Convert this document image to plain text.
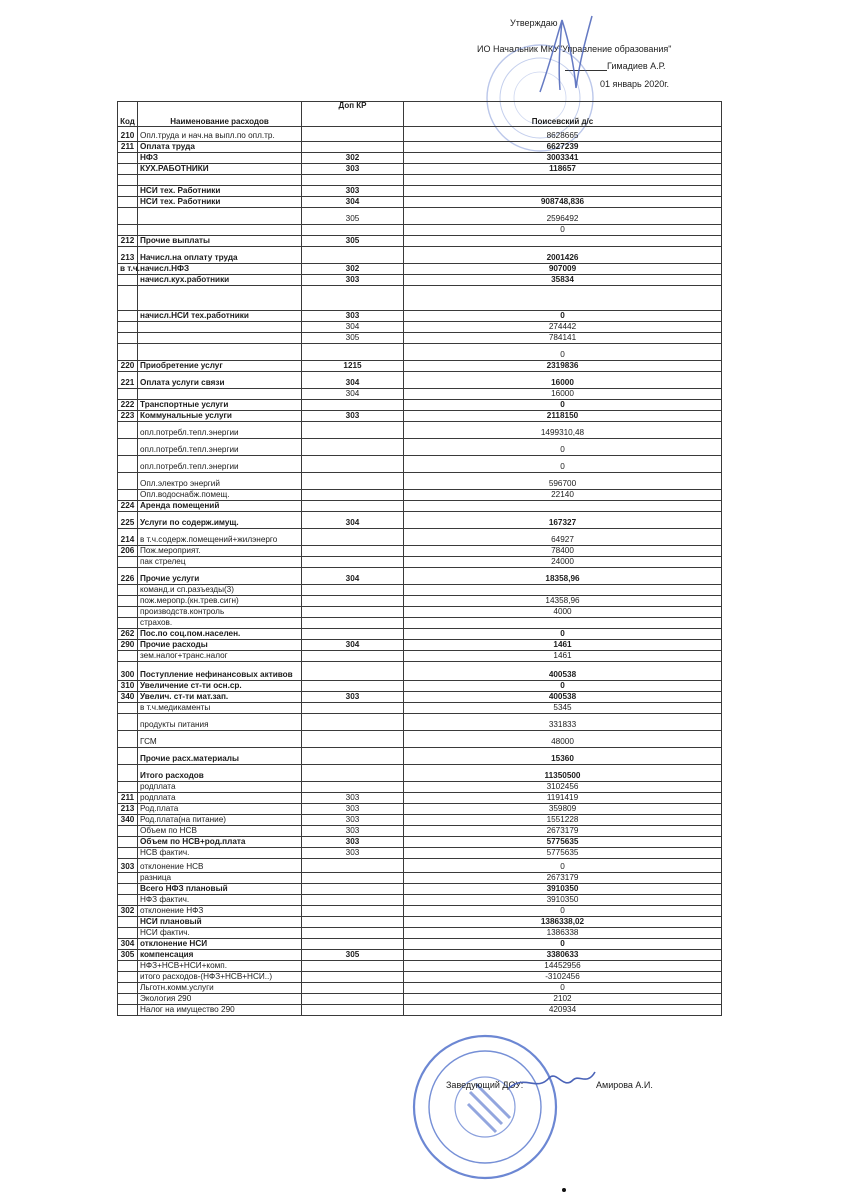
Утверждаю
ИО Начальник МКУ"Управление образования"
Гимадиев А.Р.
01 январь 2020г.
Код	Наименование расходов	Доп КР	Поисевский д/с
210	Опл.труда и нач.на выпл.по опл.тр.		8628665
211	Оплата труда		6627239
	НФЗ	302	3003341
	КУХ.РАБОТНИКИ	303	118657

	НСИ тех. Работники	303	
	НСИ тех. Работники	304	908748,836
		305	2596492
			0
212	Прочие выплаты	305	
213	Начисл.на оплату труда		2001426
в т.ч.	начисл.НФЗ	302	907009
	начисл.кух.работники	303	35834

	начисл.НСИ тех.работники	303	0
		304	274442
		305	784141
			0
220	Приобретение услуг	1215	2319836
221	Оплата услуги связи	304	16000
		304	16000
222	Транспортные услуги		0
223	Коммунальные услуги	303	2118150
	опл.потребл.тепл.энергии		1499310,48
	опл.потребл.тепл.энергии		0
	опл.потребл.тепл.энергии		0
	Опл.электро энергий		596700
	Опл.водоснабж.помещ.		22140
224	Аренда помещений		
225	Услуги по содерж.имущ.	304	167327
214	в т.ч.содерж.помещений+жилэнерго		64927
206	Пож.мероприят.		78400
	пак стрелец		24000
226	Прочие услуги	304	18358,96
	команд.и сп.разъезды(3)		
	пож.меропр.(кн.трев.сигн)		14358,96
	производств.контроль		4000
	страхов.		
262	Пос.по соц.пом.населен.		0
290	Прочие расходы	304	1461
	зем.налог+транс.налог		1461
300	Поступление нефинансовых активов		400538
310	Увеличение ст-ти осн.ср.		0
340	Увелич. ст-ти мат.зап.	303	400538
	в т.ч.медикаменты		5345
	продукты питания		331833
	ГСМ		48000
	Прочие расх.материалы		15360
	Итого расходов		11350500
	родплата		3102456
211	родплата	303	1191419
213	Род.плата	303	359809
340	Род.плата(на питание)	303	1551228
	Объем по НСВ	303	2673179
	Объем по НСВ+род.плата	303	5775635
	НСВ фактич.	303	5775635
303	отклонение НСВ		0
	разница		2673179
	Всего НФЗ плановый		3910350
	НФЗ фактич.		3910350
302	отклонение НФЗ		0
	НСИ плановый		1386338,02
	НСИ фактич.		1386338
304	отклонение НСИ		0
305	компенсация	305	3380633
	НФЗ+НСВ+НСИ+комп.		14452956
	итого расходов-(НФЗ+НСВ+НСИ..)		-3102456
	Льготн.комм.услуги		0
	Экология 290		2102
	Налог на имущество 290		420934
Заведующий ДОУ:	Амирова А.И.
